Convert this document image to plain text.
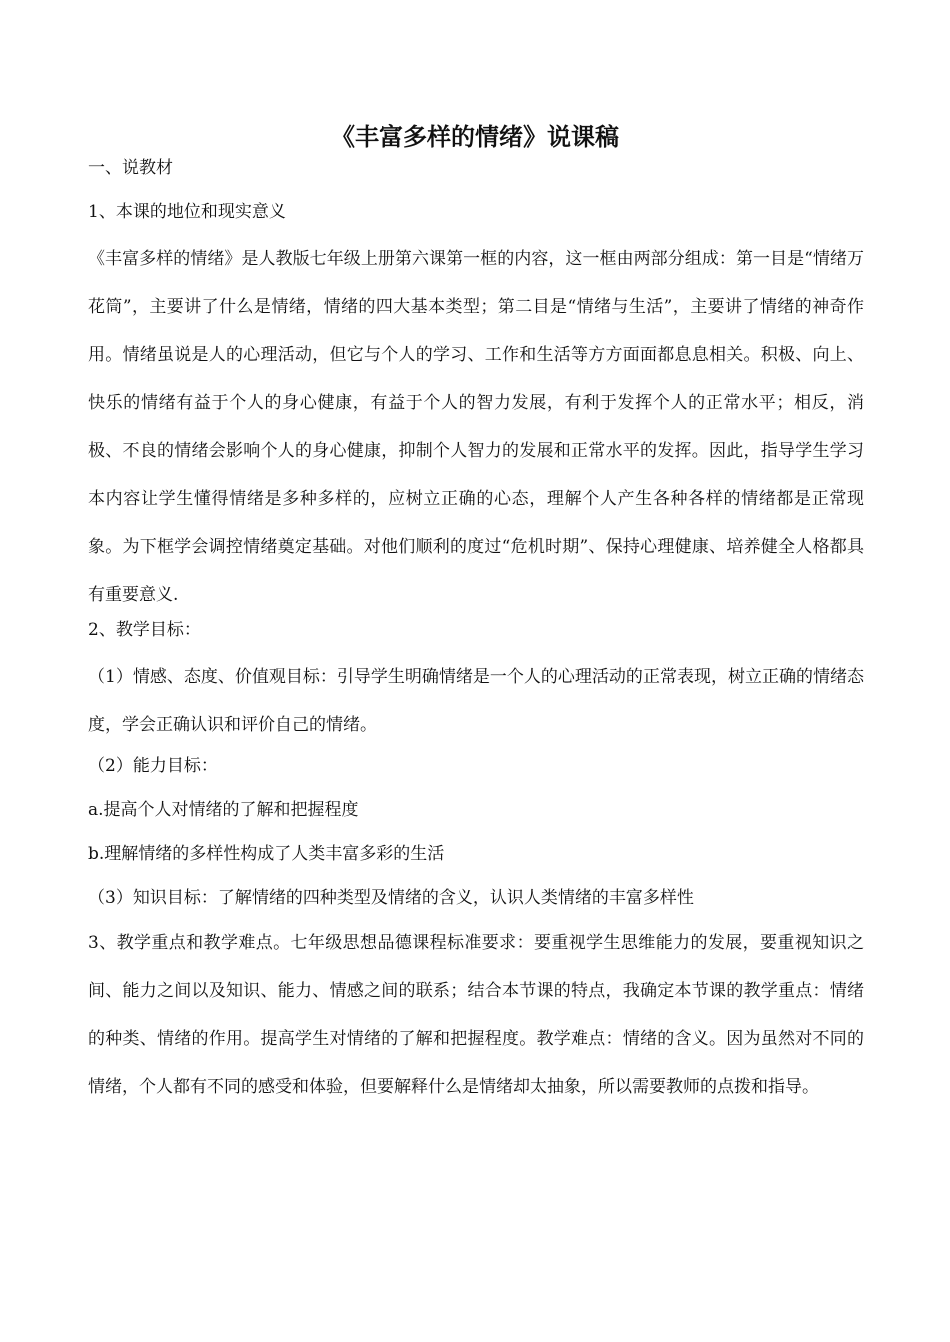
《丰富多样的情绪》说课稿
一、说教材
1、本课的地位和现实意义

《丰富多样的情绪》是人教版七年级上册第六课第一框的内容，这一框由两部分组成：第一目是“情绪万花筒”，主要讲了什么是情绪，情绪的四大基本类型；第二目是“情绪与生活”，主要讲了情绪的神奇作用。情绪虽说是人的心理活动，但它与个人的学习、工作和生活等方方面面都息息相关。积极、向上、快乐的情绪有益于个人的身心健康，有益于个人的智力发展，有利于发挥个人的正常水平；相反，消极、不良的情绪会影响个人的身心健康，抑制个人智力的发展和正常水平的发挥。因此，指导学生学习本内容让学生懂得情绪是多种多样的，应树立正确的心态，理解个人产生各种各样的情绪都是正常现象。为下框学会调控情绪奠定基础。对他们顺利的度过“危机时期”、保持心理健康、培养健全人格都具有重要意义.

2、教学目标：

（1）情感、态度、价值观目标：引导学生明确情绪是一个人的心理活动的正常表现，树立正确的情绪态度，学会正确认识和评价自己的情绪。

（2）能力目标：
a.提高个人对情绪的了解和把握程度
b.理解情绪的多样性构成了人类丰富多彩的生活
（3）知识目标：了解情绪的四种类型及情绪的含义，认识人类情绪的丰富多样性

3、教学重点和教学难点。七年级思想品德课程标准要求：要重视学生思维能力的发展，要重视知识之间、能力之间以及知识、能力、情感之间的联系；结合本节课的特点，我确定本节课的教学重点：情绪的种类、情绪的作用。提高学生对情绪的了解和把握程度。教学难点：情绪的含义。因为虽然对不同的情绪，个人都有不同的感受和体验，但要解释什么是情绪却太抽象，所以需要教师的点拨和指导。
